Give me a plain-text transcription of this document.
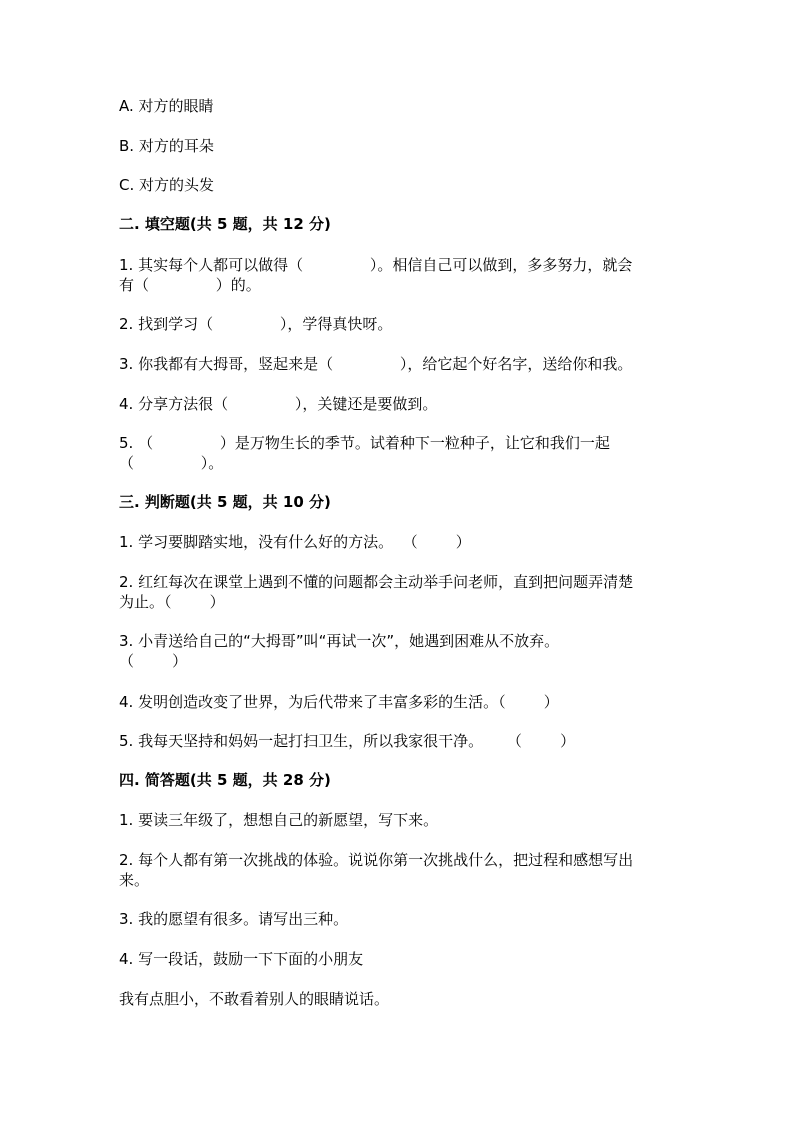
A. 对方的眼睛

B. 对方的耳朵

C. 对方的头发

二. 填空题(共 5 题，共 12 分)

1. 其实每个人都可以做得（              ）。相信自己可以做到，多多努力，就会

有（              ）的。

2. 找到学习（              ），学得真快呀。

3. 你我都有大拇哥，竖起来是（              ），给它起个好名字，送给你和我。

4. 分享方法很（              ），关键还是要做到。

5. （              ）是万物生长的季节。试着种下一粒种子，让它和我们一起

（              ）。

三. 判断题(共 5 题，共 10 分)

1. 学习要脚踏实地，没有什么好的方法。  （        ）

2. 红红每次在课堂上遇到不懂的问题都会主动举手问老师，直到把问题弄清楚

为止。（        ）

3. 小青送给自己的“大拇哥”叫“再试一次”，她遇到困难从不放弃。

（        ）

4. 发明创造改变了世界，为后代带来了丰富多彩的生活。（        ）

5. 我每天坚持和妈妈一起打扫卫生，所以我家很干净。     （        ）

四. 简答题(共 5 题，共 28 分)

1. 要读三年级了，想想自己的新愿望，写下来。

2. 每个人都有第一次挑战的体验。说说你第一次挑战什么，把过程和感想写出

来。

3. 我的愿望有很多。请写出三种。

4. 写一段话，鼓励一下下面的小朋友

我有点胆小，不敢看着别人的眼睛说话。
